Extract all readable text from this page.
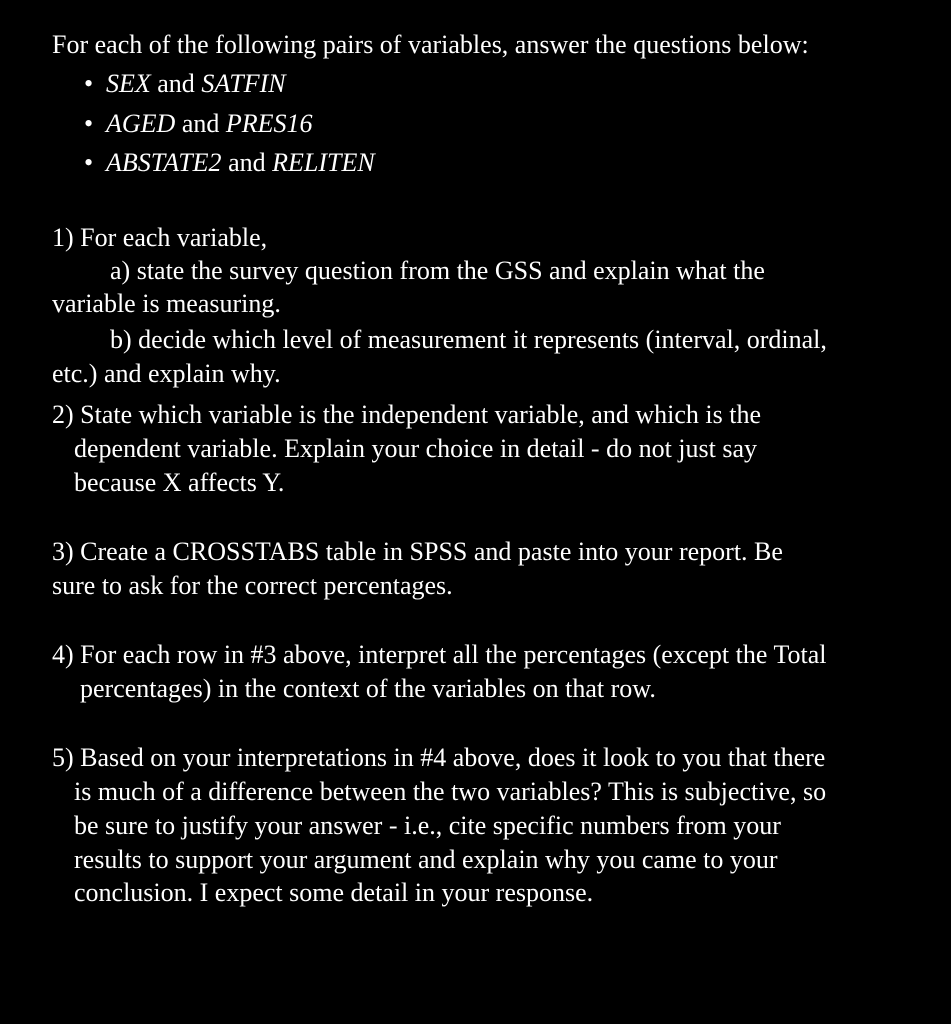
For each of the following pairs of variables, answer the questions below:
• SEX and SATFIN
• AGED and PRES16
• ABSTATE2 and RELITEN
1) For each variable,
a) state the survey question from the GSS and explain what the
variable is measuring.
b) decide which level of measurement it represents (interval, ordinal,
etc.) and explain why.
2) State which variable is the independent variable, and which is the
dependent variable. Explain your choice in detail - do not just say
because X affects Y.
3) Create a CROSSTABS table in SPSS and paste into your report. Be
sure to ask for the correct percentages.
4) For each row in #3 above, interpret all the percentages (except the Total
percentages) in the context of the variables on that row.
5) Based on your interpretations in #4 above, does it look to you that there
is much of a difference between the two variables? This is subjective, so
be sure to justify your answer - i.e., cite specific numbers from your
results to support your argument and explain why you came to your
conclusion. I expect some detail in your response.
